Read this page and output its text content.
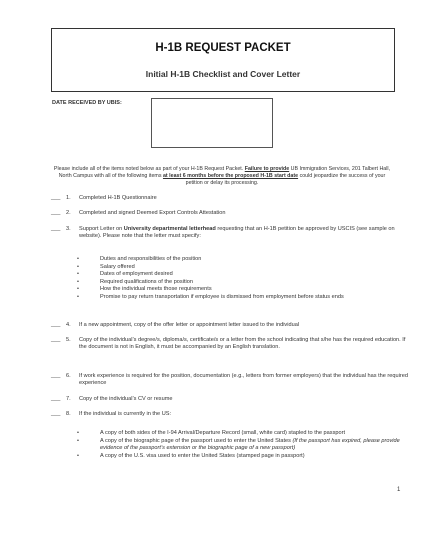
H-1B REQUEST PACKET
Initial H-1B Checklist and Cover Letter
DATE RECEIVED BY UBIS:
Please include all of the items noted below as part of your H-1B Request Packet. Failure to provide UB Immigration Services, 201 Talbert Hall, North Campus with all of the following items at least 6 months before the proposed H-1B start date could jeopardize the success of your petition or delay its processing.
___ 1. Completed H-1B Questionnaire
___ 2. Completed and signed Deemed Export Controls Attestation
___ 3. Support Letter on University departmental letterhead requesting that an H-1B petition be approved by USCIS (see sample on website). Please note that the letter must specify:
•	Duties and responsibilities of the position
•	Salary offered
•	Dates of employment desired
•	Required qualifications of the position
•	How the individual meets those requirements
•	Promise to pay return transportation if employee is dismissed from employment before status ends
___ 4. If a new appointment, copy of the offer letter or appointment letter issued to the individual
___ 5. Copy of the individual’s degree/s, diploma/s, certificate/s or a letter from the school indicating that s/he has the required education. If the document is not in English, it must be accompanied by an English translation.
___ 6. If work experience is required for the position, documentation (e.g., letters from former employers) that the individual has the required experience
___ 7. Copy of the individual’s CV or resume
___ 8. If the individual is currently in the US:
•	A copy of both sides of the I-94 Arrival/Departure Record (small, white card) stapled to the passport
•	A copy of the biographic page of the passport used to enter the United States (If the passport has expired, please provide evidence of the passport’s extension or the biographic page of a new passport)
•	A copy of the U.S. visa used to enter the United States (stamped page in passport)
1
